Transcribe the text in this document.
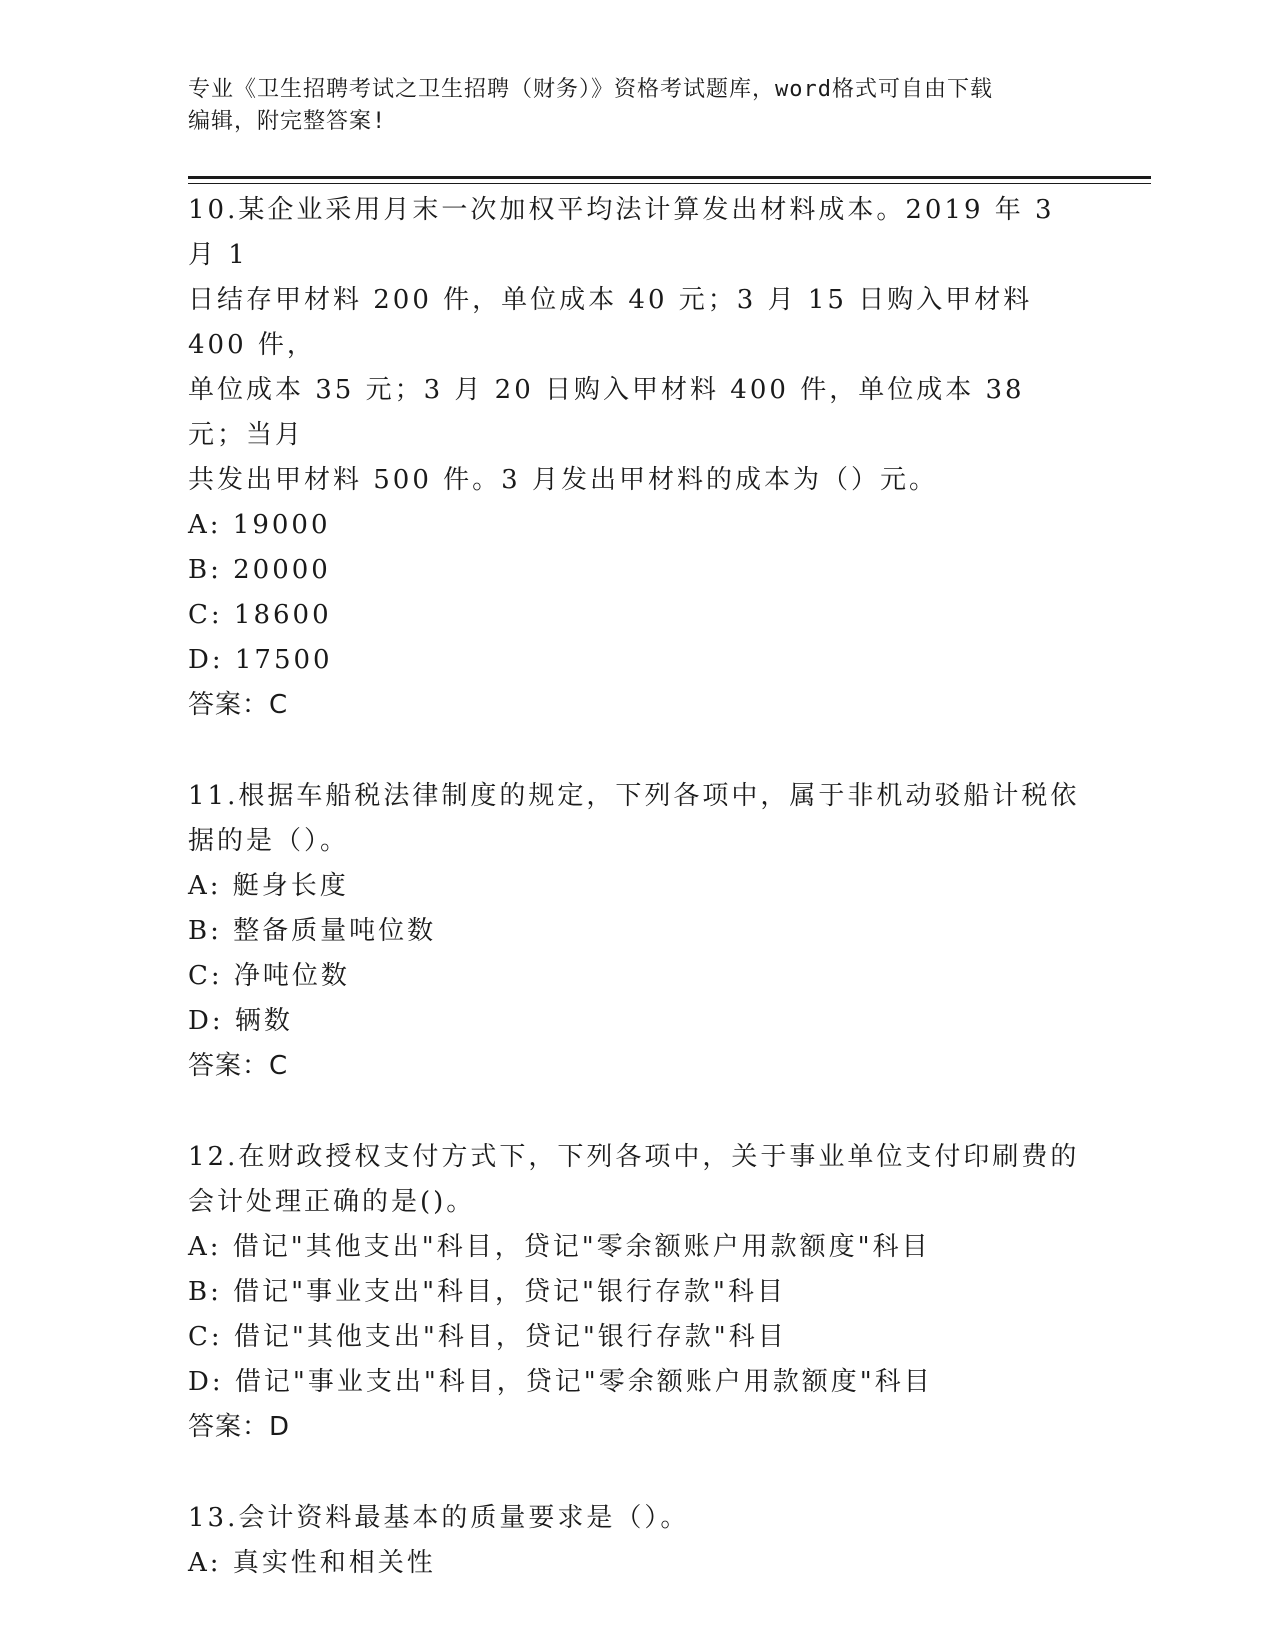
专业《卫生招聘考试之卫生招聘（财务）》资格考试题库，word格式可自由下载
编辑，附完整答案!

10.某企业采用月末一次加权平均法计算发出材料成本。2019 年 3 月 1
日结存甲材料 200 件，单位成本 40 元；3 月 15 日购入甲材料 400 件，
单位成本 35 元；3 月 20 日购入甲材料 400 件，单位成本 38 元；当月
共发出甲材料 500 件。3 月发出甲材料的成本为（）元。

A: 19000

B: 20000

C: 18600

D: 17500

答案：C

11.根据车船税法律制度的规定，下列各项中，属于非机动驳船计税依
据的是（）。

A: 艇身长度

B: 整备质量吨位数

C: 净吨位数

D: 辆数

答案：C

12.在财政授权支付方式下，下列各项中，关于事业单位支付印刷费的
会计处理正确的是()。

A: 借记"其他支出"科目，贷记"零余额账户用款额度"科目

B: 借记"事业支出"科目，贷记"银行存款"科目

C: 借记"其他支出"科目，贷记"银行存款"科目

D: 借记"事业支出"科目，贷记"零余额账户用款额度"科目

答案：D

13.会计资料最基本的质量要求是（）。

A: 真实性和相关性
